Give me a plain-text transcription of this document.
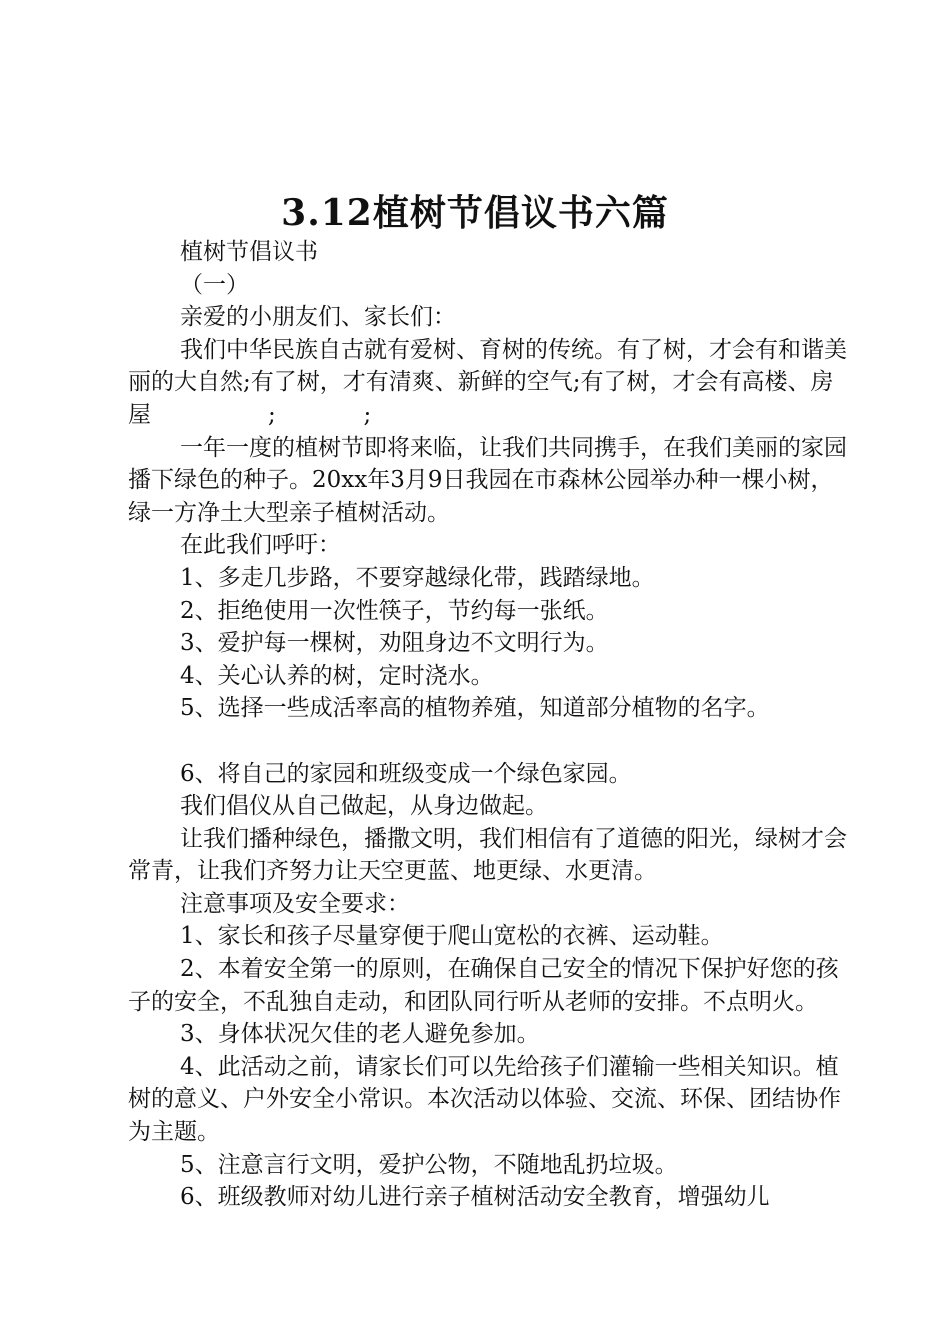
3.12植树节倡议书六篇

植树节倡议书

（一）

亲爱的小朋友们、家长们：

我们中华民族自古就有爱树、育树的传统。有了树，才会有和谐美丽的大自然;有了树，才有清爽、新鲜的空气;有了树，才会有高楼、房屋                ;            ;

一年一度的植树节即将来临，让我们共同携手，在我们美丽的家园播下绿色的种子。20xx年3月9日我园在市森林公园举办种一棵小树，绿一方净土大型亲子植树活动。

在此我们呼吁：

1、多走几步路，不要穿越绿化带，践踏绿地。

2、拒绝使用一次性筷子，节约每一张纸。

3、爱护每一棵树，劝阻身边不文明行为。

4、关心认养的树，定时浇水。

5、选择一些成活率高的植物养殖，知道部分植物的名字。

6、将自己的家园和班级变成一个绿色家园。

我们倡仪从自己做起，从身边做起。

让我们播种绿色，播撒文明，我们相信有了道德的阳光，绿树才会常青，让我们齐努力让天空更蓝、地更绿、水更清。

注意事项及安全要求：

1、家长和孩子尽量穿便于爬山宽松的衣裤、运动鞋。

2、本着安全第一的原则，在确保自己安全的情况下保护好您的孩子的安全，不乱独自走动，和团队同行听从老师的安排。不点明火。

3、身体状况欠佳的老人避免参加。

4、此活动之前，请家长们可以先给孩子们灌输一些相关知识。植树的意义、户外安全小常识。本次活动以体验、交流、环保、团结协作为主题。

5、注意言行文明，爱护公物，不随地乱扔垃圾。

6、班级教师对幼儿进行亲子植树活动安全教育，增强幼儿
